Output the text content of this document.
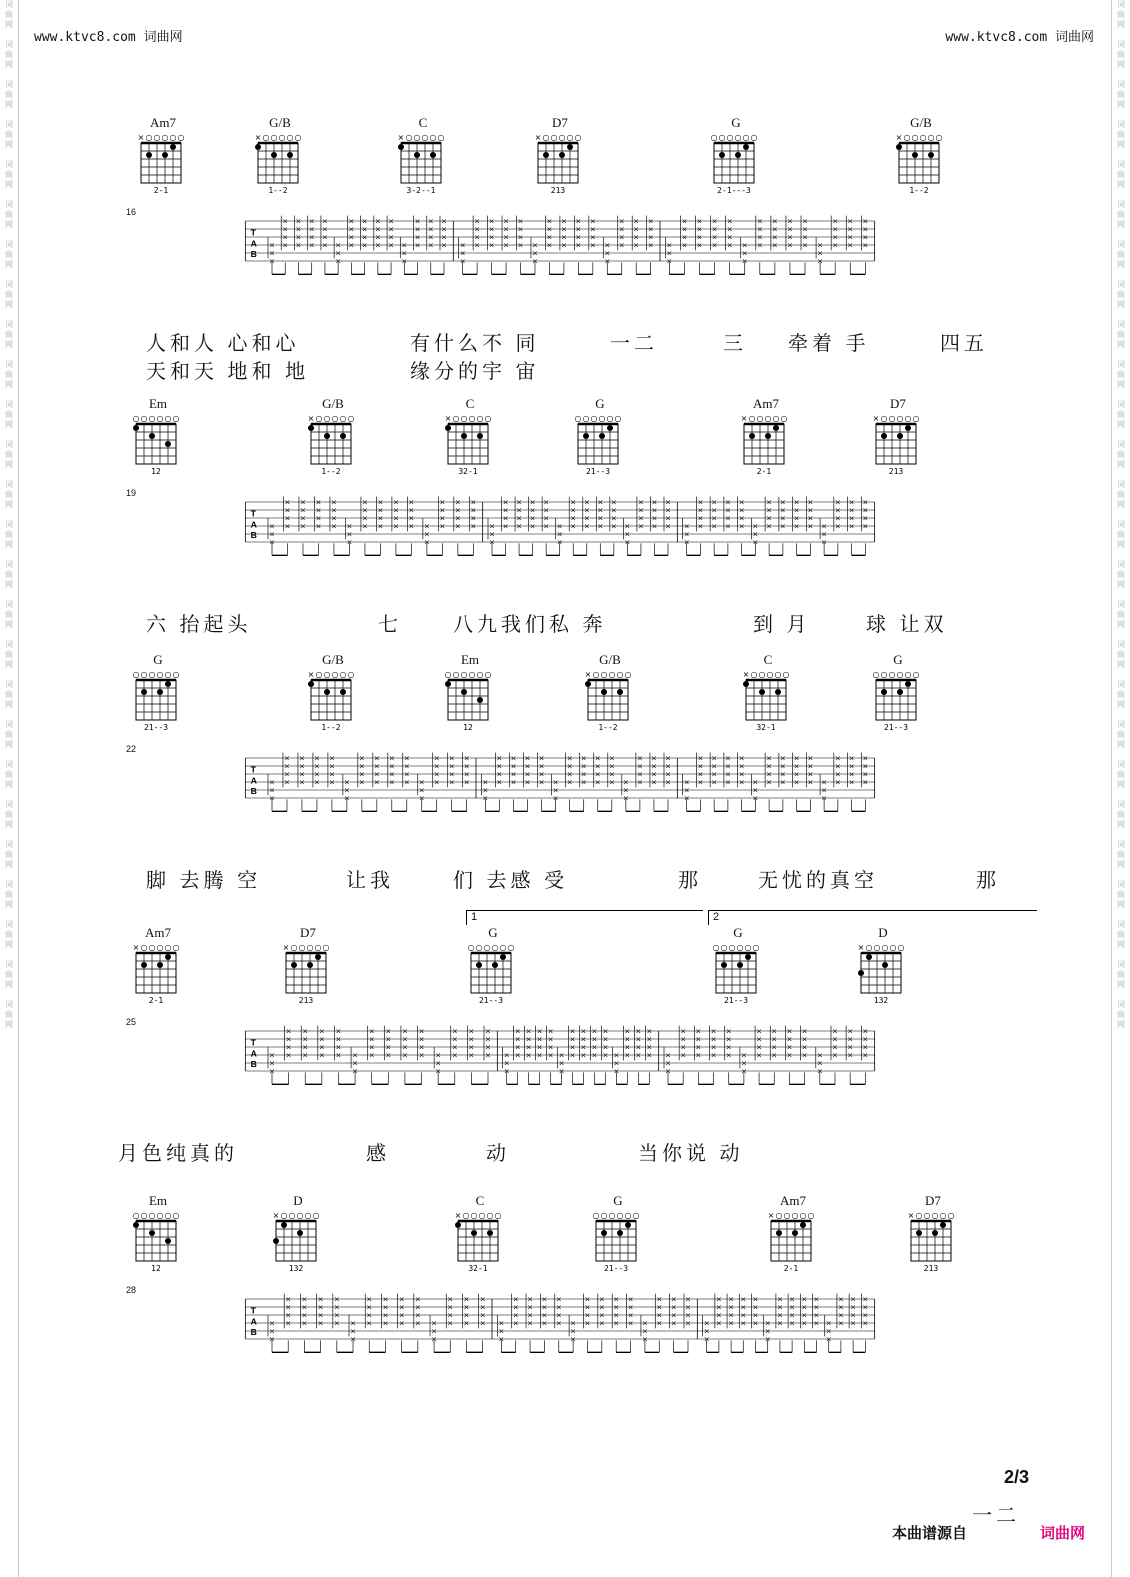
词
曲
网

词
曲
网

词
曲
网

词
曲
网

词
曲
网

词
曲
网

词
曲
网

词
曲
网

词
曲
网

词
曲
网

词
曲
网

词
曲
网

词
曲
网

词
曲
网

词
曲
网

词
曲
网

词
曲
网

词
曲
网

词
曲
网

词
曲
网

词
曲
网

词
曲
网

词
曲
网

词
曲
网

词
曲
网

词
曲
网

词
曲
网

词
曲
网

词
曲
网

词
曲
网

词
曲
网

词
曲
网

词
曲
网

词
曲
网

词
曲
网

词
曲
网

词
曲
网

词
曲
网

词
曲
网

词
曲
网

词
曲
网

词
曲
网

词
曲
网

词
曲
网

词
曲
网

词
曲
网

词
曲
网

词
曲
网

词
曲
网

词
曲
网

词
曲
网

词
曲
网

www.ktvc8.com 词曲网	www.ktvc8.com 词曲网
Am7
× ○ ○ ○ ○ ○
2-1
G/B
× ○ ○ ○ ○ ○
1--2
C
× ○ ○ ○ ○ ○
3-2--1
D7
× ○ ○ ○ ○ ○
213
G
○ ○ ○ ○ ○ ○
2-1---3
G/B
× ○ ○ ○ ○ ○
1--2
T
A
B
×
×
×
×
×
×
×
×
×
×
×
×
×
×
×
×
×
×
× ×
×
×
×
×
×
×
×
×
×
×
×
×
×
×
×
×
×
× ×
×
×
×
×
×
×
×
×
×
×
×
×
×
× ×
×
×
×
×
×
×
×
×
×
×
×
×
×
×
×
×
×
× ×
×
×
×
×
×
×
×
×
×
×
×
×
×
×
×
×
×
× ×
×
×
×
×
×
×
×
×
×
×
×
×
×
× ×
×
×
×
×
×
×
×
×
×
×
×
×
×
×
×
×
×
× ×
×
×
×
×
×
×
×
×
×
×
×
×
×
×
×
×
×
× ×
×
×
×
×
×
×
×
×
×
×
×
×
×
×
16
人和人 心和心	有什么不 同	一二	三 牵着 手	四五
天和天 地和 地	缘分的宇 宙
Em
○ ○ ○ ○ ○ ○
12
G/B
× ○ ○ ○ ○ ○
1--2
C
× ○ ○ ○ ○ ○
32-1
G
○ ○ ○ ○ ○ ○
21--3
Am7
× ○ ○ ○ ○ ○
2-1
D7
× ○ ○ ○ ○ ○
213
T
A
B
×
×
×
×
×
×
×
×
×
×
×
×
×
×
×
×
×
×
× ×
×
×
×
×
×
×
×
×
×
×
×
×
×
×
×
×
×
× ×
×
×
×
×
×
×
×
×
×
×
×
×
×
× ×
×
×
×
×
×
×
×
×
×
×
×
×
×
×
×
×
×
× ×
×
×
×
×
×
×
×
×
×
×
×
×
×
×
×
×
×
× ×
×
×
×
×
×
×
×
×
×
×
×
×
×
× ×
×
×
×
×
×
×
×
×
×
×
×
×
×
×
×
×
×
× ×
×
×
×
×
×
×
×
×
×
×
×
×
×
×
×
×
×
× ×
×
×
×
×
×
×
×
×
×
×
×
×
×
×
19
六 抬起头	七	八九我们私 奔	到 月	球 让双
G
○ ○ ○ ○ ○ ○
21--3
G/B
× ○ ○ ○ ○ ○
1--2
Em
○ ○ ○ ○ ○ ○
12
G/B
× ○ ○ ○ ○ ○
1--2
C
× ○ ○ ○ ○ ○
32-1
G
○ ○ ○ ○ ○ ○
21--3
T
A
B
×
×
×
×
×
×
×
×
×
×
×
×
×
×
×
×
×
×
× ×
×
×
×
×
×
×
×
×
×
×
×
×
×
×
×
×
×
× ×
×
×
×
×
×
×
×
×
×
×
×
×
×
× ×
×
×
×
×
×
×
×
×
×
×
×
×
×
×
×
×
×
× ×
×
×
×
×
×
×
×
×
×
×
×
×
×
×
×
×
×
× ×
×
×
×
×
×
×
×
×
×
×
×
×
×
× ×
×
×
×
×
×
×
×
×
×
×
×
×
×
×
×
×
×
× ×
×
×
×
×
×
×
×
×
×
×
×
×
×
×
×
×
×
× ×
×
×
×
×
×
×
×
×
×
×
×
×
×
×
22
脚 去腾 空	让我	们 去感 受	那	无忧的真空	那
Am7
× ○ ○ ○ ○ ○
2-1
D7
× ○ ○ ○ ○ ○
213
G
○ ○ ○ ○ ○ ○
21--3
G
○ ○ ○ ○ ○ ○
21--3
D
× ○ ○ ○ ○ ○
132
1	2
T
A
B
×
×
×
×
×
×
×
×
×
×
×
×
×
×
×
×
×
×
× ×
×
×
×
×
×
×
×
×
×
×
×
×
×
×
×
×
×
× ×
×
×
×
×
×
×
×
×
×
×
×
×
×
× ×
×
×
×
×
×
×
×
×
×
×
×
×
×
×
×
×
×
× ×
×
×
×
×
×
×
×
×
×
×
×
×
×
×
×
×
×
× ×
×
×
×
×
×
×
×
×
×
×
×
×
×
× ×
×
×
×
×
×
×
×
×
×
×
×
×
×
×
×
×
×
× ×
×
×
×
×
×
×
×
×
×
×
×
×
×
×
×
×
×
× ×
×
×
×
×
×
×
×
×
×
×
×
×
×
×
25
月色纯真的	感	动	当你说 动
Em
○ ○ ○ ○ ○ ○
12
D
× ○ ○ ○ ○ ○
132
C
× ○ ○ ○ ○ ○
32-1
G
○ ○ ○ ○ ○ ○
21--3
Am7
× ○ ○ ○ ○ ○
2-1
D7
× ○ ○ ○ ○ ○
213
T
A
B
×
×
×
×
×
×
×
×
×
×
×
×
×
×
×
×
×
×
× ×
×
×
×
×
×
×
×
×
×
×
×
×
×
×
×
×
×
× ×
×
×
×
×
×
×
×
×
×
×
×
×
×
× ×
×
×
×
×
×
×
×
×
×
×
×
×
×
×
×
×
×
× ×
×
×
×
×
×
×
×
×
×
×
×
×
×
×
×
×
×
× ×
×
×
×
×
×
×
×
×
×
×
×
×
×
× ×
×
×
×
×
×
×
×
×
×
×
×
×
×
×
×
×
×
× ×
×
×
×
×
×
×
×
×
×
×
×
×
×
×
×
×
×
× ×
×
×
×
×
×
×
×
×
×
×
×
×
×
×
28
一二
2/3
本曲谱源自	词曲网
